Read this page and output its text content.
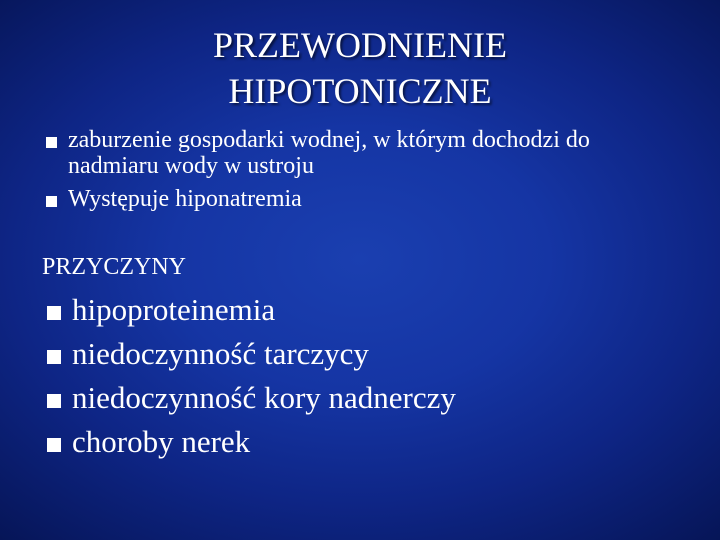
PRZEWODNIENIE
HIPOTONICZNE
zaburzenie gospodarki wodnej, w którym dochodzi do
nadmiaru wody w ustroju
Występuje hiponatremia
PRZYCZYNY
hipoproteinemia
niedoczynność tarczycy
niedoczynność kory nadnerczy
choroby nerek
